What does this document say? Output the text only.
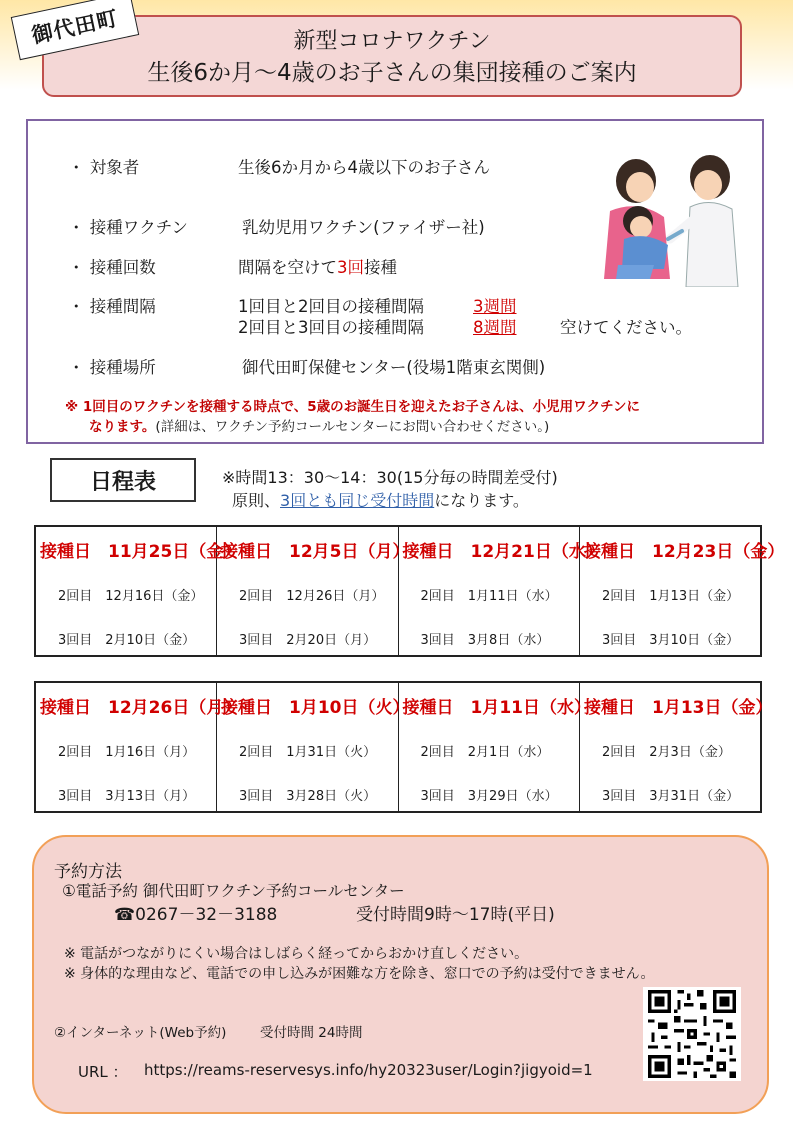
御代田町	新型コロナワクチン
生後6か月～4歳のお子さんの集団接種のご案内
・ 対象者	生後6か月から4歳以下のお子さん
・ 接種ワクチン	乳幼児用ワクチン(ファイザー社)
・ 接種回数	間隔を空けて3回接種
・ 接種間隔	1回目と2回目の接種間隔	3週間
2回目と3回目の接種間隔	8週間	空けてください。
・ 接種場所	御代田町保健センター(役場1階東玄関側)
※ 1回目のワクチンを接種する時点で、5歳のお誕生日を迎えたお子さんは、小児用ワクチンに
なります。(詳細は、ワクチン予約コールセンターにお問い合わせください。)
日程表	※時間13：30～14：30(15分毎の時間差受付)
原則、3回とも同じ受付時間になります。
接種日　11月25日（金）
2回目　12月16日（金）
3回目　2月10日（金）

接種日　12月5日（月）
2回目　12月26日（月）
3回目　2月20日（月）

接種日　12月21日（水）
2回目　1月11日（水）
3回目　3月8日（水）

接種日　12月23日（金）
2回目　1月13日（金）
3回目　3月10日（金）
接種日　12月26日（月）
2回目　1月16日（月）
3回目　3月13日（月）

接種日　1月10日（火）
2回目　1月31日（火）
3回目　3月28日（火）

接種日　1月11日（水）
2回目　2月1日（水）
3回目　3月29日（水）

接種日　1月13日（金）
2回目　2月3日（金）
3回目　3月31日（金）
予約方法
①電話予約 御代田町ワクチン予約コールセンター
☎0267－32－3188	受付時間9時～17時(平日)
※ 電話がつながりにくい場合はしばらく経ってからおかけ直しください。
※ 身体的な理由など、電話での申し込みが困難な方を除き、窓口での予約は受付できません。
②インターネット(Web予約) 受付時間 24時間
URL ： https://reams-reservesys.info/hy20323user/Login?jigyoid=1
